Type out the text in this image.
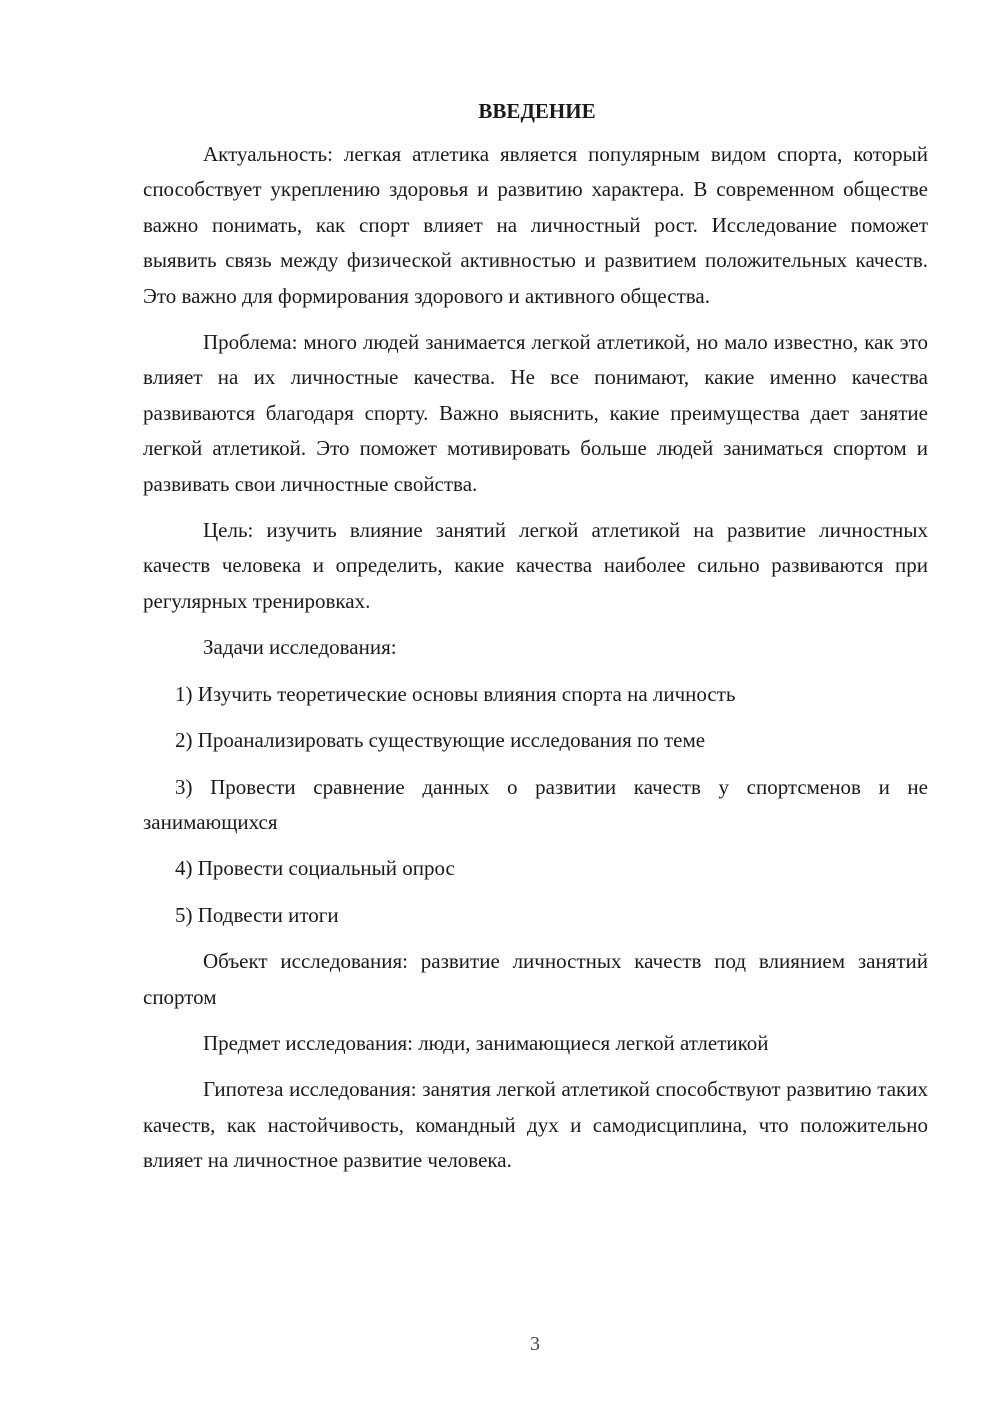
ВВЕДЕНИЕ

Актуальность: легкая атлетика является популярным видом спорта, который способствует укреплению здоровья и развитию характера. В современном обществе важно понимать, как спорт влияет на личностный рост. Исследование поможет выявить связь между физической активностью и развитием положительных качеств. Это важно для формирования здорового и активного общества.

Проблема: много людей занимается легкой атлетикой, но мало известно, как это влияет на их личностные качества. Не все понимают, какие именно качества развиваются благодаря спорту. Важно выяснить, какие преимущества дает занятие легкой атлетикой. Это поможет мотивировать больше людей заниматься спортом и развивать свои личностные свойства.

Цель: изучить влияние занятий легкой атлетикой на развитие личностных качеств человека и определить, какие качества наиболее сильно развиваются при регулярных тренировках.

Задачи исследования:

1) Изучить теоретические основы влияния спорта на личность

2) Проанализировать существующие исследования по теме

3) Провести сравнение данных о развитии качеств у спортсменов и не занимающихся

4) Провести социальный опрос

5) Подвести итоги

Объект исследования: развитие личностных качеств под влиянием занятий спортом

Предмет исследования: люди, занимающиеся легкой атлетикой

Гипотеза исследования: занятия легкой атлетикой способствуют развитию таких качеств, как настойчивость, командный дух и самодисциплина, что положительно влияет на личностное развитие человека.

3
